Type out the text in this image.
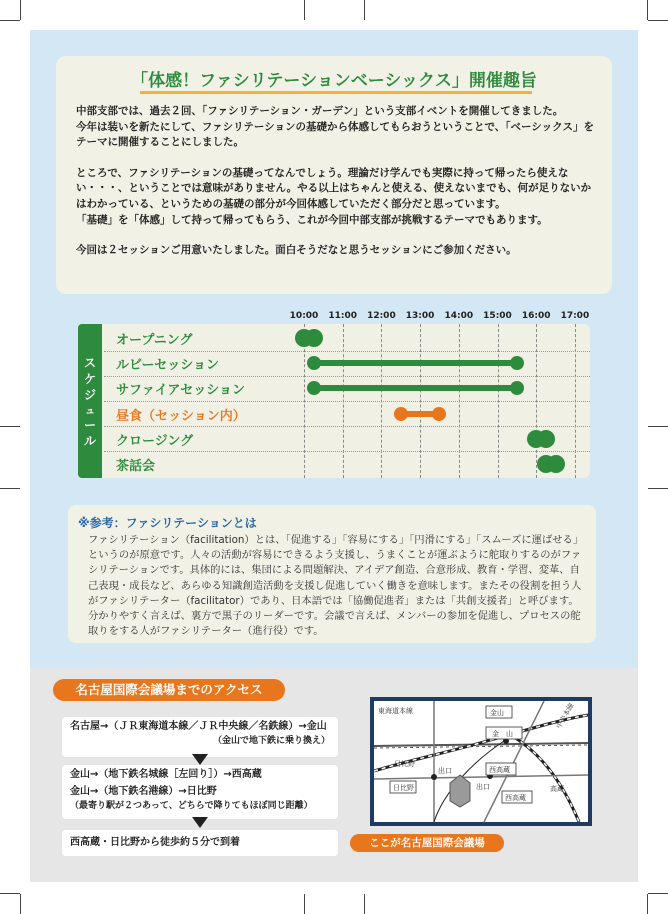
「体感！ファシリテーションベーシックス」開催趣旨

中部支部では、過去２回、「ファシリテーション・ガーデン」という支部イベントを開催してきました。

今年は装いを新たにして、ファシリテーションの基礎から体感してもらおうということで、「ベーシックス」をテーマに開催することにしました。

ところで、ファシリテーションの基礎ってなんでしょう。理論だけ学んでも実際に持って帰ったら使えない・・・、ということでは意味がありません。やる以上はちゃんと使える、使えないまでも、何が足りないかはわかっている、というための基礎の部分が今回体感していただく部分だと思っています。

「基礎」を「体感」して持って帰ってもらう、これが今回中部支部が挑戦するテーマでもあります。

今回は２セッションご用意いたしました。面白そうだなと思うセッションにご参加ください。

ス
ケ
ジ
ュ
ー
ル
10:00 11:00 12:00 13:00 14:00 15:00 16:00 17:00
オープニング
ルビーセッション
サファイアセッション
昼食（セッション内）
クロージング
茶話会
※参考：ファシリテーションとは
ファシリテーション（facilitation）とは、「促進する」「容易にする」「円滑にする」「スムーズに運ばせる」というのが原意です。人々の活動が容易にできるよう支援し、うまくことが運ぶように舵取りするのがファシリテーションです。具体的には、集団による問題解決、アイデア創造、合意形成、教育・学習、変革、自己表現・成長など、あらゆる知識創造活動を支援し促進していく働きを意味します。またその役割を担う人がファシリテーター（facilitator）であり、日本語では「協働促進者」または「共創支援者」と呼びます。分かりやすく言えば、裏方で黒子のリーダーです。会議で言えば、メンバーの参加を促進し、プロセスの舵取りをする人がファシリテーター（進行役）です。
名古屋国際会議場までのアクセス
名古屋→（ＪＲ東海道本線／ＪＲ中央線／名鉄線）→金山
（金山で地下鉄に乗り換え）
金山→（地下鉄名城線［左回り］）→西高蔵
金山→（地下鉄名港線）→日比野
（最寄り駅が２つあって、どちらで降りてもほぼ同じ距離）
西高蔵・日比野から徒歩約５分で到着
東海道本線	金山
金　山
中央本線
日比野
日比野
西高蔵
西高蔵
高蔵
出口
出口
ここが名古屋国際会議場
